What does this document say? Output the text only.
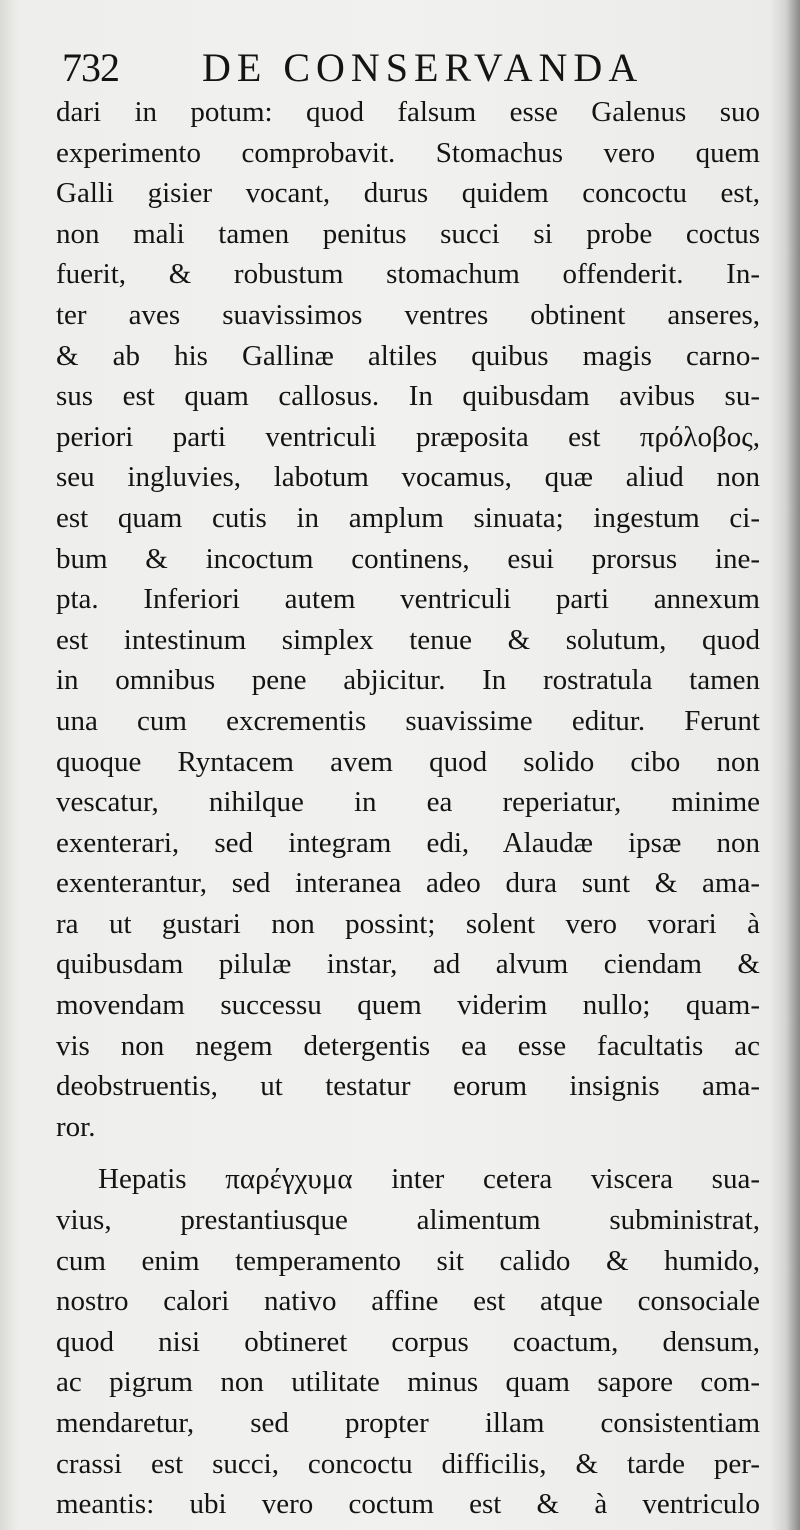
732 DE CONSERVANDA
dari in potum: quod falsum esse Galenus suo
experimento comprobavit. Stomachus vero quem
Galli gisier vocant, durus quidem concoctu est,
non mali tamen penitus succi si probe coctus
fuerit, & robustum stomachum offenderit. In-
ter aves suavissimos ventres obtinent anseres,
& ab his Gallinæ altiles quibus magis carno-
sus est quam callosus. In quibusdam avibus su-
periori parti ventriculi præposita est πρόλοβος,
seu ingluvies, labotum vocamus, quæ aliud non
est quam cutis in amplum sinuata; ingestum ci-
bum & incoctum continens, esui prorsus ine-
pta. Inferiori autem ventriculi parti annexum
est intestinum simplex tenue & solutum, quod
in omnibus pene abjicitur. In rostratula tamen
una cum excrementis suavissime editur. Ferunt
quoque Ryntacem avem quod solido cibo non
vescatur, nihilque in ea reperiatur, minime
exenterari, sed integram edi, Alaudæ ipsæ non
exenterantur, sed interanea adeo dura sunt & ama-
ra ut gustari non possint; solent vero vorari à
quibusdam pilulæ instar, ad alvum ciendam &
movendam successu quem viderim nullo; quam-
vis non negem detergentis ea esse facultatis ac
deobstruentis, ut testatur eorum insignis ama-
ror.
Hepatis παρέγχυμα inter cetera viscera sua-
vius, prestantiusque alimentum subministrat,
cum enim temperamento sit calido & humido,
nostro calori nativo affine est atque consociale
quod nisi obtineret corpus coactum, densum,
ac pigrum non utilitate minus quam sapore com-
mendaretur, sed propter illam consistentiam
crassi est succi, concoctu difficilis, & tarde per-
meantis: ubi vero coctum est & à ventriculo
